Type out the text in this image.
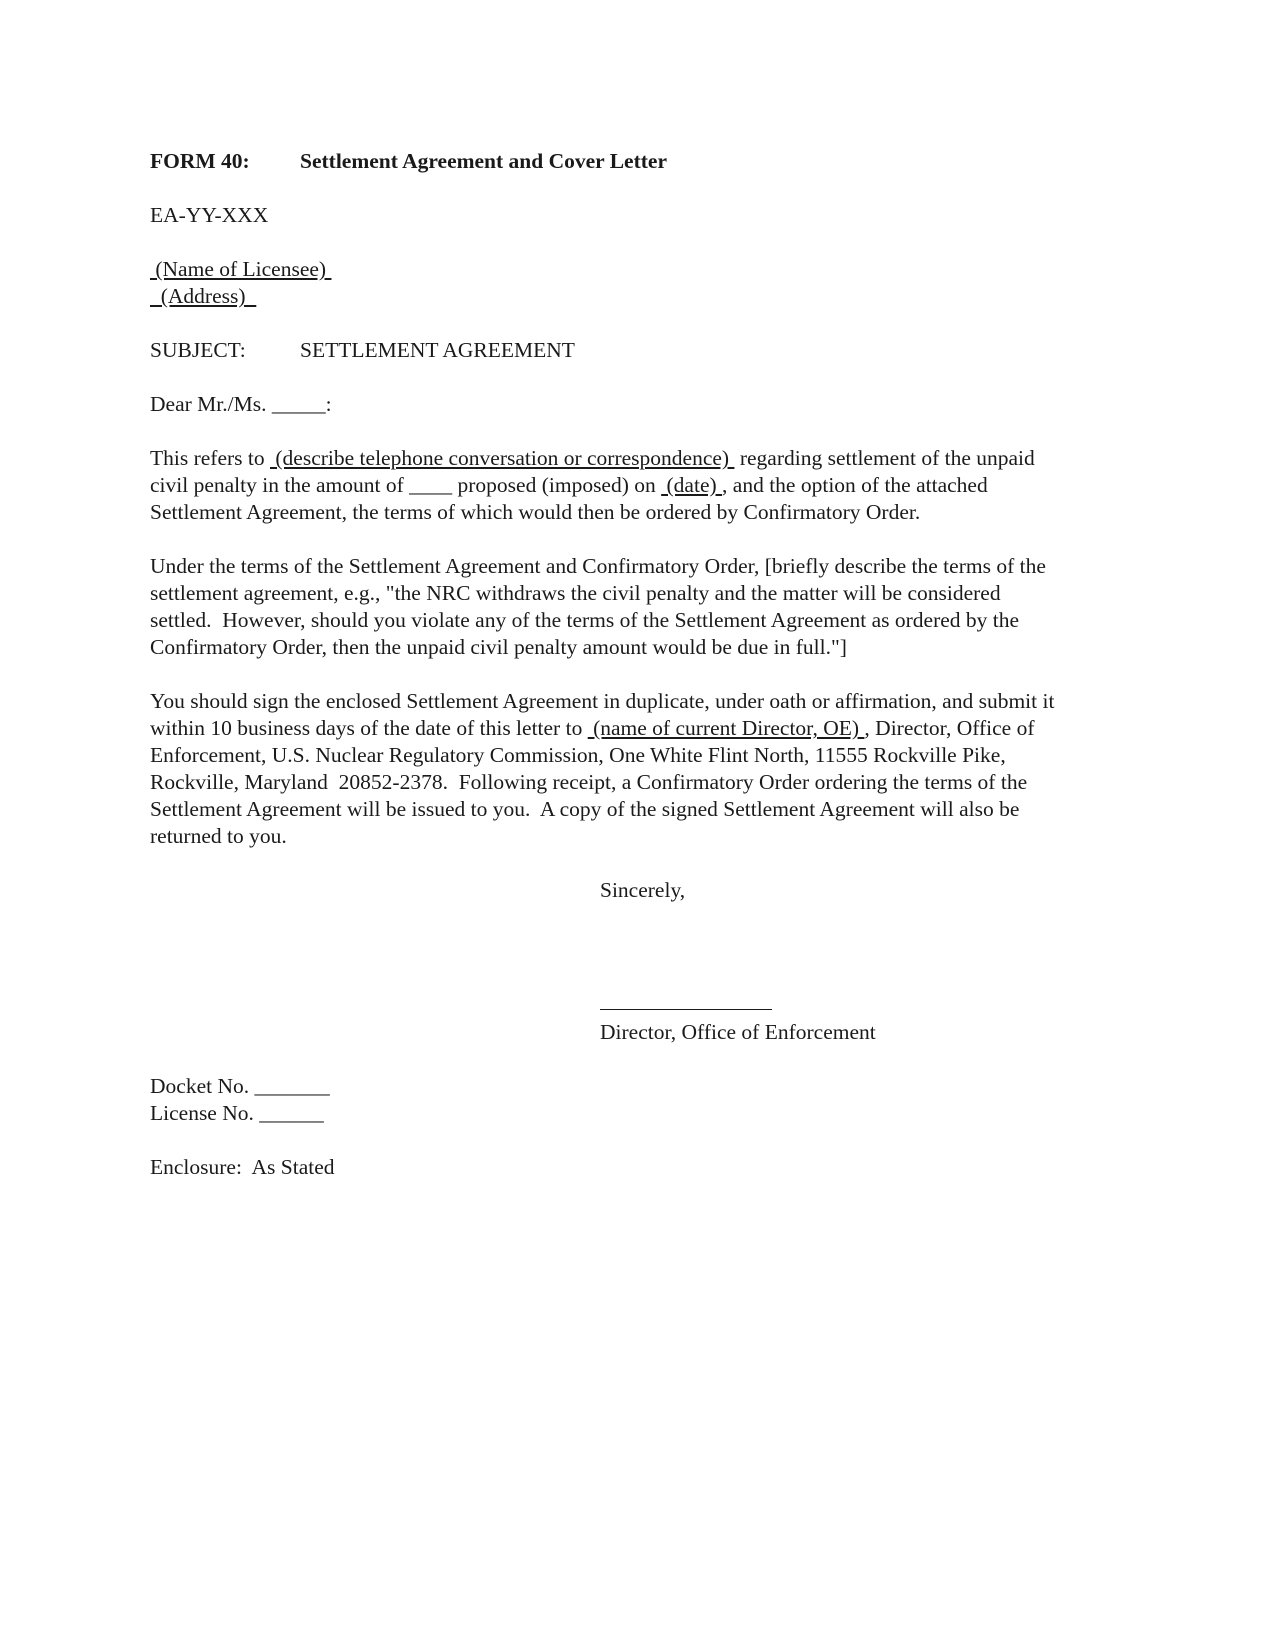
FORM 40: Settlement Agreement and Cover Letter
EA-YY-XXX
(Name of Licensee)
(Address)
SUBJECT:	SETTLEMENT AGREEMENT
Dear Mr./Ms. _____:
This refers to  (describe telephone conversation or correspondence)  regarding settlement of the unpaid
civil penalty in the amount of ____ proposed (imposed) on  (date) , and the option of the attached
Settlement Agreement, the terms of which would then be ordered by Confirmatory Order.
Under the terms of the Settlement Agreement and Confirmatory Order, [briefly describe the terms of the
settlement agreement, e.g., "the NRC withdraws the civil penalty and the matter will be considered
settled.  However, should you violate any of the terms of the Settlement Agreement as ordered by the
Confirmatory Order, then the unpaid civil penalty amount would be due in full."]
You should sign the enclosed Settlement Agreement in duplicate, under oath or affirmation, and submit it
within 10 business days of the date of this letter to  (name of current Director, OE) , Director, Office of
Enforcement, U.S. Nuclear Regulatory Commission, One White Flint North, 11555 Rockville Pike,
Rockville, Maryland  20852-2378.  Following receipt, a Confirmatory Order ordering the terms of the
Settlement Agreement will be issued to you.  A copy of the signed Settlement Agreement will also be
returned to you.
Sincerely,
Director, Office of Enforcement
Docket No. _______
License No. ______
Enclosure:  As Stated
